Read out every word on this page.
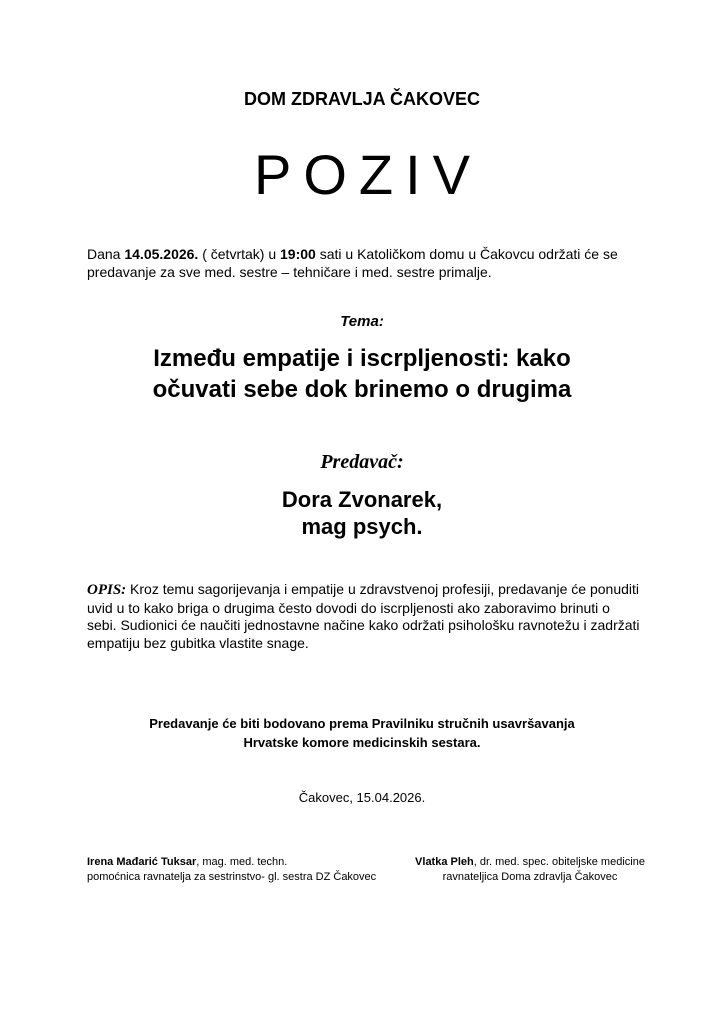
DOM ZDRAVLJA ČAKOVEC
POZIV
Dana 14.05.2026. ( četvrtak) u 19:00 sati u Katoličkom domu u Čakovcu održati će se predavanje za sve med. sestre – tehničare i med. sestre primalje.
Tema:
Između empatije i iscrpljenosti: kako
očuvati sebe dok brinemo o drugima
Predavač:
Dora Zvonarek,
mag psych.
OPIS: Kroz temu sagorijevanja i empatije u zdravstvenoj profesiji, predavanje će ponuditi uvid u to kako briga o drugima često dovodi do iscrpljenosti ako zaboravimo brinuti o sebi. Sudionici će naučiti jednostavne načine kako održati psihološku ravnotežu i zadržati empatiju bez gubitka vlastite snage.
Predavanje će biti bodovano prema Pravilniku stručnih usavršavanja
Hrvatske komore medicinskih sestara.
Čakovec, 15.04.2026.
Irena Mađarić Tuksar, mag. med. techn.
pomoćnica ravnatelja za sestrinstvo- gl. sestra DZ Čakovec
Vlatka Pleh, dr. med. spec. obiteljske medicine
ravnateljica Doma zdravlja Čakovec
